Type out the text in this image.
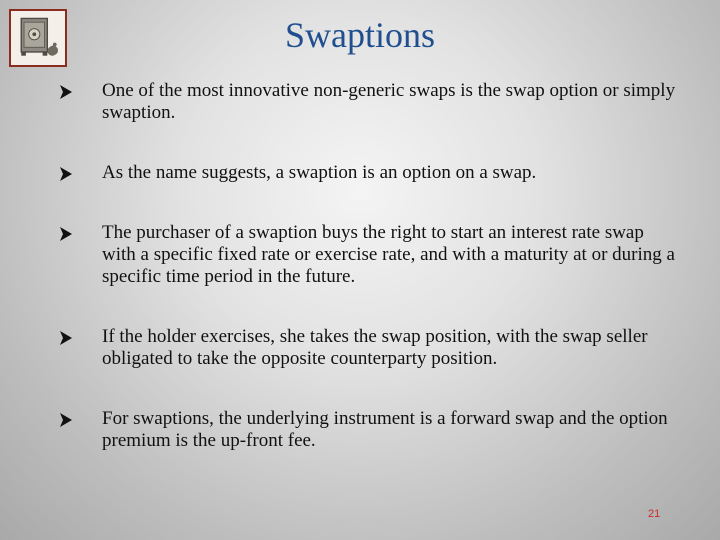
Swaptions
One of the most innovative non-generic swaps is the swap option or simply swaption.
As the name suggests, a swaption is an option on a swap.
The purchaser of a swaption buys the right to start an interest rate swap with a specific fixed rate or exercise rate, and with a maturity at or during a specific time period in the future.
If the holder exercises, she takes the swap position, with the swap seller obligated to take the opposite counterparty position.
For swaptions, the underlying instrument is a forward swap and the option premium is the up-front fee.
21
